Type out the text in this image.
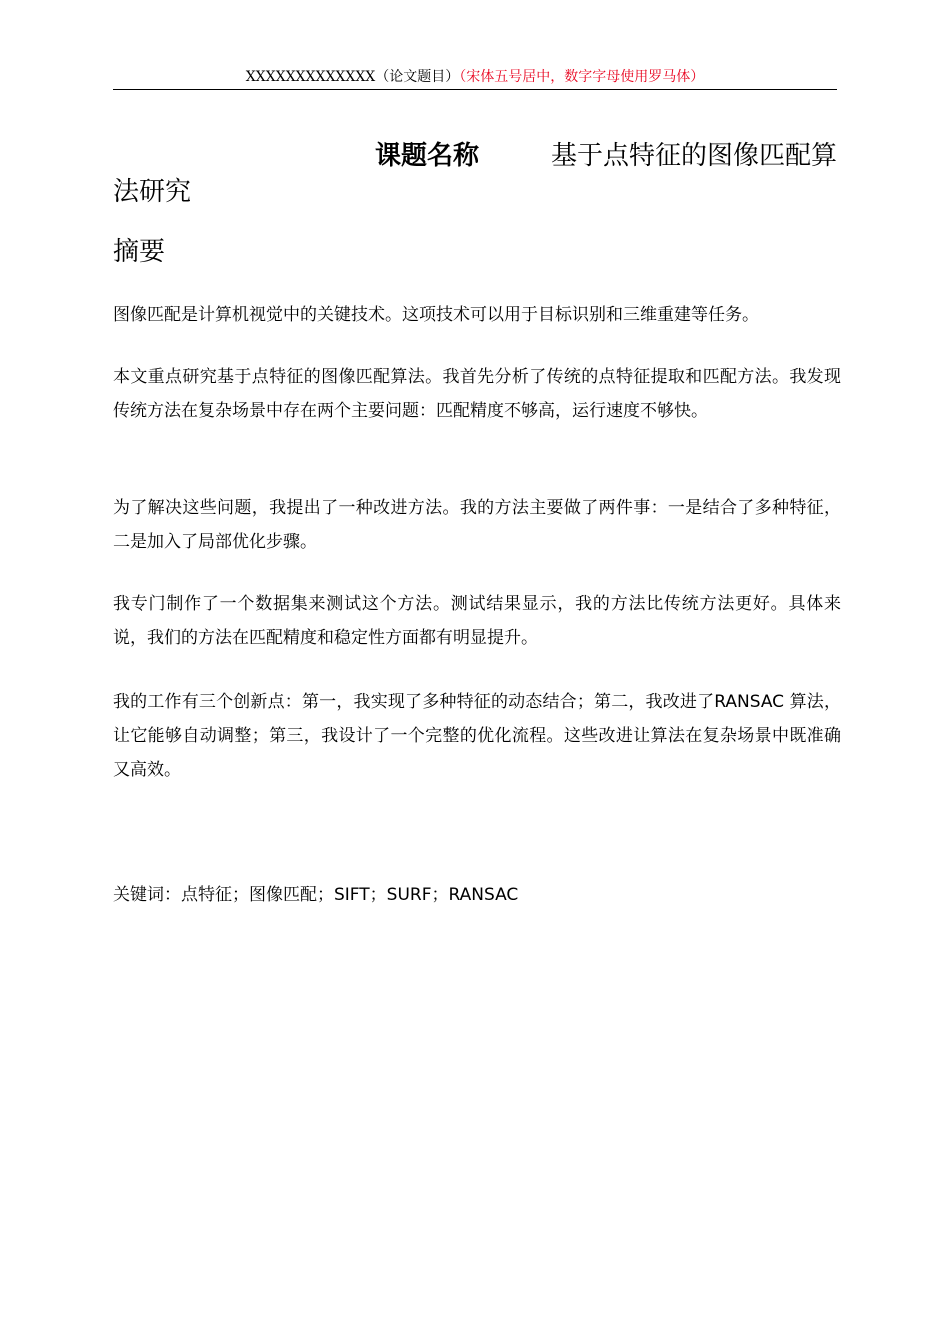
XXXXXXXXXXXXX（论文题目）（宋体五号居中，数字字母使用罗马体）
课题名称	基于点特征的图像匹配算
法研究
摘要
图像匹配是计算机视觉中的关键技术。这项技术可以用于目标识别和三维重建等任务。
本文重点研究基于点特征的图像匹配算法。我首先分析了传统的点特征提取和匹配方法。我发现传统方法在复杂场景中存在两个主要问题：匹配精度不够高，运行速度不够快。
为了解决这些问题，我提出了一种改进方法。我的方法主要做了两件事：一是结合了多种特征，二是加入了局部优化步骤。
我专门制作了一个数据集来测试这个方法。测试结果显示，我的方法比传统方法更好。具体来说，我们的方法在匹配精度和稳定性方面都有明显提升。
我的工作有三个创新点：第一，我实现了多种特征的动态结合；第二，我改进了RANSAC 算法，让它能够自动调整；第三，我设计了一个完整的优化流程。这些改进让算法在复杂场景中既准确又高效。
关键词：点特征；图像匹配；SIFT；SURF；RANSAC
